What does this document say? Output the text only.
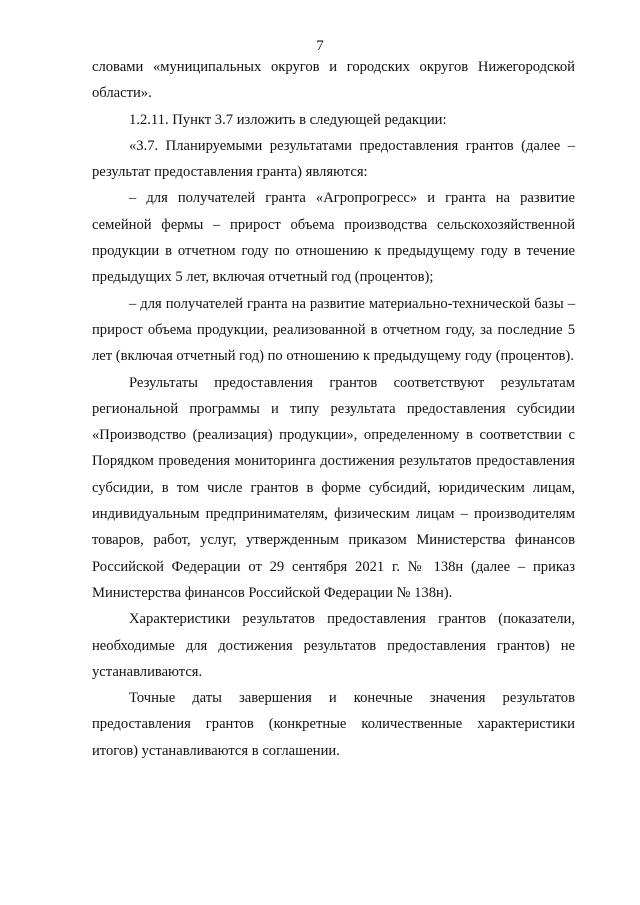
7

словами «муниципальных округов и городских округов Нижегородской области».

1.2.11. Пункт 3.7 изложить в следующей редакции:

«3.7. Планируемыми результатами предоставления грантов (далее – результат предоставления гранта) являются:

– для получателей гранта «Агропрогресс» и гранта на развитие семейной фермы – прирост объема производства сельскохозяйственной продукции в отчетном году по отношению к предыдущему году в течение предыдущих 5 лет, включая отчетный год (процентов);

– для получателей гранта на развитие материально-технической базы – прирост объема продукции, реализованной в отчетном году, за последние 5 лет (включая отчетный год) по отношению к предыдущему году (процентов).

Результаты предоставления грантов соответствуют результатам региональной программы и типу результата предоставления субсидии «Производство (реализация) продукции», определенному в соответствии с Порядком проведения мониторинга достижения результатов предоставления субсидии, в том числе грантов в форме субсидий, юридическим лицам, индивидуальным предпринимателям, физическим лицам – производителям товаров, работ, услуг, утвержденным приказом Министерства финансов Российской Федерации от 29 сентября 2021 г. № 138н (далее – приказ Министерства финансов Российской Федерации № 138н).

Характеристики результатов предоставления грантов (показатели, необходимые для достижения результатов предоставления грантов) не устанавливаются.

Точные даты завершения и конечные значения результатов предоставления грантов (конкретные количественные характеристики итогов) устанавливаются в соглашении.
